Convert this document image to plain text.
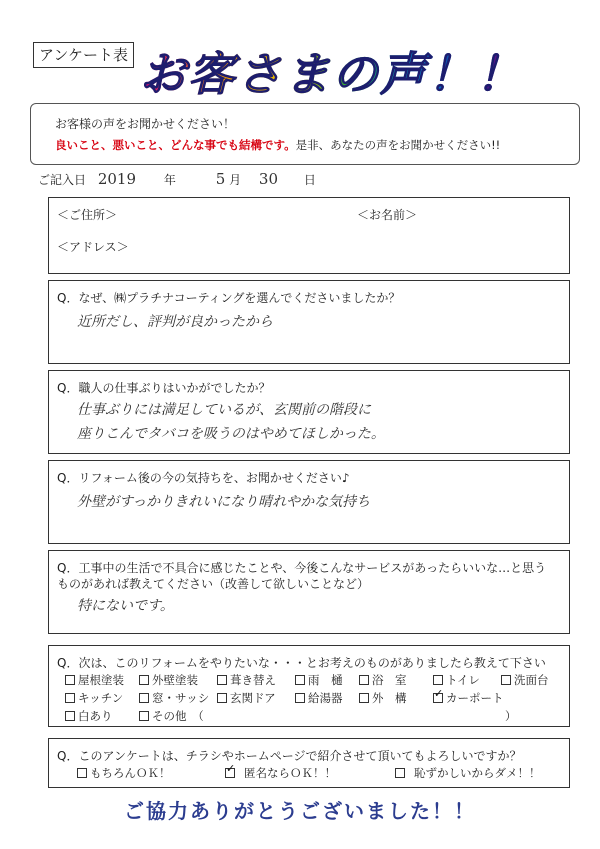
アンケート表 お客さまの声！！
お客様の声をお聞かせください！
良いこと、悪いこと、どんな事でも結構です。是非、あなたの声をお聞かせください!!
ご記入日 2019 年	5 月 30 日
＜ご住所＞	＜お名前＞
＜アドレス＞
Q．なぜ、㈱プラチナコーティングを選んでくださいましたか？
近所だし、評判が良かったから
Q．職人の仕事ぶりはいかがでしたか？
仕事ぶりには満足しているが、玄関前の階段に
座りこんでタバコを吸うのはやめてほしかった。
Q．リフォーム後の今の気持ちを、お聞かせください♪
外壁がすっかりきれいになり晴れやかな気持ち
Q．工事中の生活で不具合に感じたことや、今後こんなサービスがあったらいいな…と思う
ものがあれば教えてください（改善して欲しいことなど）
特にないです。
Q．次は、このリフォームをやりたいな・・・とお考えのものがありましたら教えて下さい
屋根塗装	外壁塗装	葺き替え	雨　樋	浴　室	トイレ	洗面台
キッチン	窓・サッシ	玄関ドア	給湯器	外　構 ✓	カーポート
白あり	その他　（	）
Q．このアンケートは、チラシやホームページで紹介させて頂いてもよろしいですか？
もちろんＯＫ！ ✓	匿名ならＯＫ！！	恥ずかしいからダメ！！
ご協力ありがとうございました！！
